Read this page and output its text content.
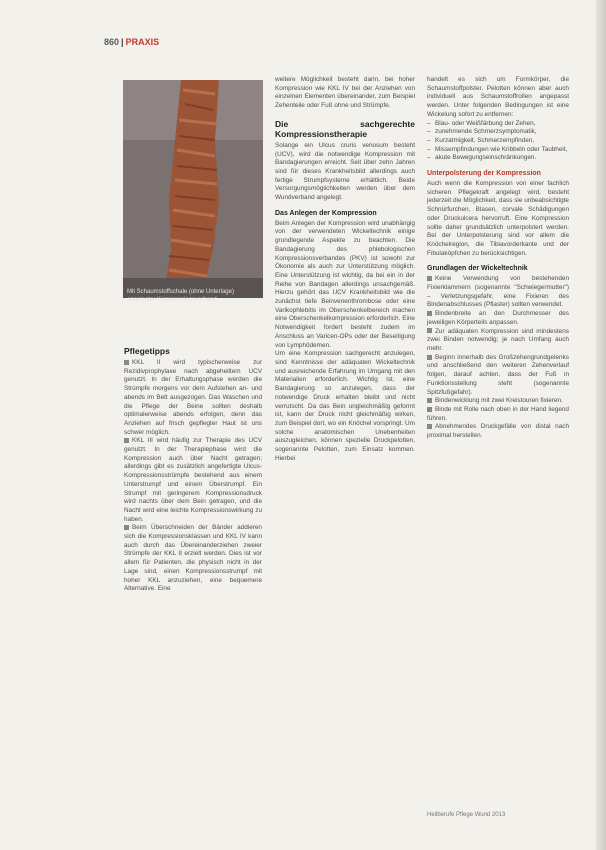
860 | PRAXIS
Mit Schaumstoffschale (ohne Unterlage) angelegter Kompressionsverband
Pflegetipps

KKL II wird typischerweise zur Rezidivprophylaxe nach abgeheiltem UCV genutzt. In der Erhaltungsphase werden die Strümpfe morgens vor dem Aufstehen an- und abends im Bett ausgezogen. Das Waschen und die Pflege der Beine sollten deshalb optimalerweise abends erfolgen, denn das Anziehen auf frisch gepflegter Haut ist uns schwer möglich.

KKL III wird häufig zur Therapie des UCV genutzt. In der Therapiephase wird die Kompression auch über Nacht getragen; allerdings gibt es zusätzlich angefertigte Ulcus-Kompressionsstrümpfe bestehend aus einem Unterstrumpf und einem Überstrumpf. Ein Strumpf mit geringerem Kompressionsdruck wird nachts über dem Bein getragen, und die Nacht wird eine leichte Kompressionswirkung zu haben.

Beim Überschneiden der Bänder addieren sich die Kompressionsklassen und KKL IV kann auch durch das Übereinanderziehen zweier Strümpfe der KKL II erzielt werden. Dies ist vor allem für Patienten, die physisch nicht in der Lage sind, einen Kompressionsstrumpf mit hoher KKL anzuziehen, eine bequemere Alternative. Eine

weitere Möglichkeit besteht darin, bei hoher Kompression wie KKL IV bei der Anziehen von einzelnen Elementen übereinander, zum Beispiel Zehenteile oder Fuß ohne und Strümpfe.

Die sachgerechte Kompressionstherapie

Solange ein Ulcus cruris venosum besteht (UCV), wird die notwendige Kompression mit Bandagierungen erreicht. Seit über zehn Jahren sind für dieses Krankheitsbild allerdings auch fertige Strumpfsysteme erhältlich. Beide Versorgungsmöglichkeiten werden über dem Wundverband angelegt.

Das Anlegen der Kompression

Beim Anlegen der Kompression wird unabhängig von der verwendeten Wickeltechnik einige grundlegende Aspekte zu beachten. Die Bandagierung des phlebologischen Kompressionsverbandes (PKV) ist sowohl zur Ökonomie als auch zur Unterstützung möglich. Eine Unterstützung ist wichtig, da bei ein in der Reihe von Bandagen allerdings unsachgemäß. Hierzu gehört das UCV Krankheitsbild wie die zunächst tiefe Beinvenenthrombose oder eine Varikophlebitis im Oberschenkelbereich machen eine Oberschenkelkompression erforderlich. Eine Notwendigkeit fordert besteht zudem im Anschluss an Varicen-OPs oder der Beseitigung von Lymphödemen.

Um eine Kompression sachgerecht anzulegen, sind Kenntnisse der adäquaten Wickeltechnik und ausreichende Erfahrung im Umgang mit den Materialien erforderlich. Wichtig ist, eine Bandagierung so anzulegen, dass der notwendige Druck erhalten bleibt und nicht verrutscht. Da das Bein ungleichmäßig geformt ist, kann der Druck nicht gleichmäßig wirken, zum Beispiel dort, wo ein Knöchel vorspringt. Um solche anatomischen Unebenheiten auszugleichen, können spezielle Druckpelotten, sogenannte Pelotten, zum Einsatz kommen. Hierbei

handelt es sich um Formkörper, die Schaumstoffpolster. Pelotten können aber auch individuell aus Schaumstoffrollen angepasst werden. Unter folgenden Bedingungen ist eine Wickelung sofort zu entfernen:

– Blau- oder Weißfärbung der Zehen,
– zunehmende Schmerzsymptomatik,
– Kurzatmigkeit, Schmerzempfinden,
– Missempfindungen wie Kribbeln oder Taubheit,
– akute Bewegungseinschränkungen.
Unterpolsterung der Kompression

Auch wenn die Kompression von einer fachlich sicheren Pflegekraft angelegt wird, besteht jederzeit die Möglichkeit, dass sie unbeabsichtigte Schnürfurchen, Blasen, corvale Schädigungen oder Druckulcera hervorruft. Eine Kompression sollte daher grundsätzlich unterpolstert werden. Bei der Unterpolsterung sind vor allem die Knöchelregion, die Tibiavorderkante und der Fibulaköpfchen zu berücksichtigen.

Grundlagen der Wickeltechnik

Keine Verwendung von bestehenden Fixierklammern (sogenannte "Schwiegermutter") – Verletzungsgefahr, eine Fixieren des Bindenabschlusses (Pflaster) sollten verwendet.

Bindenbreite an den Durchmesser des jeweiligen Körperteils anpassen.

Zur adäquaten Kompression sind mindestens zwei Binden notwendig; je nach Umfang auch mehr.

Beginn innerhalb des Großzehengrundgelenks und anschließend den weiteren Zehenverlauf folgen, darauf achten, dass der Fuß in Funktionsstellung steht (sogenannte Spitzfußgefahr).

Bindenwicklung mit zwei Kreistouren fixieren.

Binde mit Rolle nach oben in der Hand liegend führen.

Abnehmendes Druckgefälle von distal nach proximal herstellen.

Heilberufe Pflege Wund 2013
